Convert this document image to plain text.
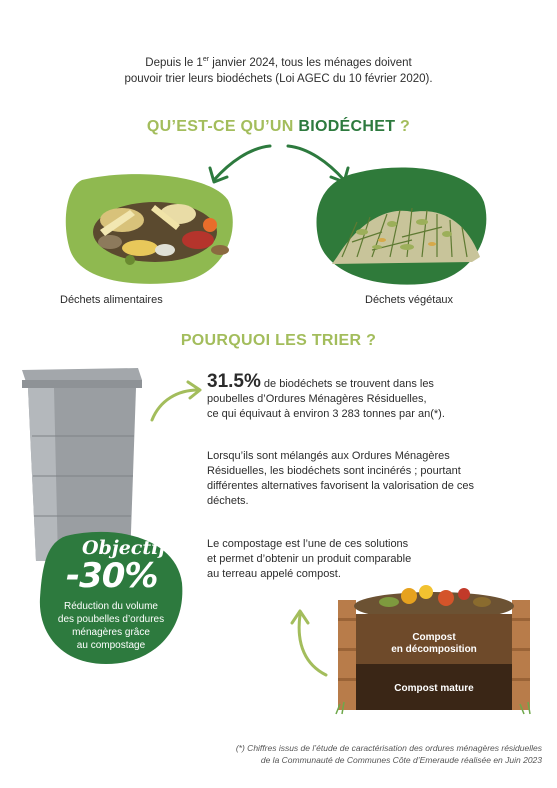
Depuis le 1er janvier 2024, tous les ménages doivent
pouvoir trier leurs biodéchets (Loi AGEC du 10 février 2020).
QU’EST-CE QU’UN BIODÉCHET ?
Déchets alimentaires	Déchets végétaux
POURQUOI LES TRIER ?
31.5% de biodéchets se trouvent dans les
poubelles d’Ordures Ménagères Résiduelles,
ce qui équivaut à environ 3 283 tonnes par an(*).
Lorsqu’ils sont mélangés aux Ordures Ménagères
Résiduelles, les biodéchets sont incinérés ; pourtant
différentes alternatives favorisent la valorisation de ces
déchets.
Le compostage est l’une de ces solutions
et permet d’obtenir un produit comparable
au terreau appelé compost.
Objectif
-30%
Réduction du volume
des poubelles d’ordures
ménagères grâce
au compostage
Compost
en décomposition
Compost mature
(*) Chiffres issus de l’étude de caractérisation des ordures ménagères résiduelles
de la Communauté de Communes Côte d’Emeraude réalisée en Juin 2023
